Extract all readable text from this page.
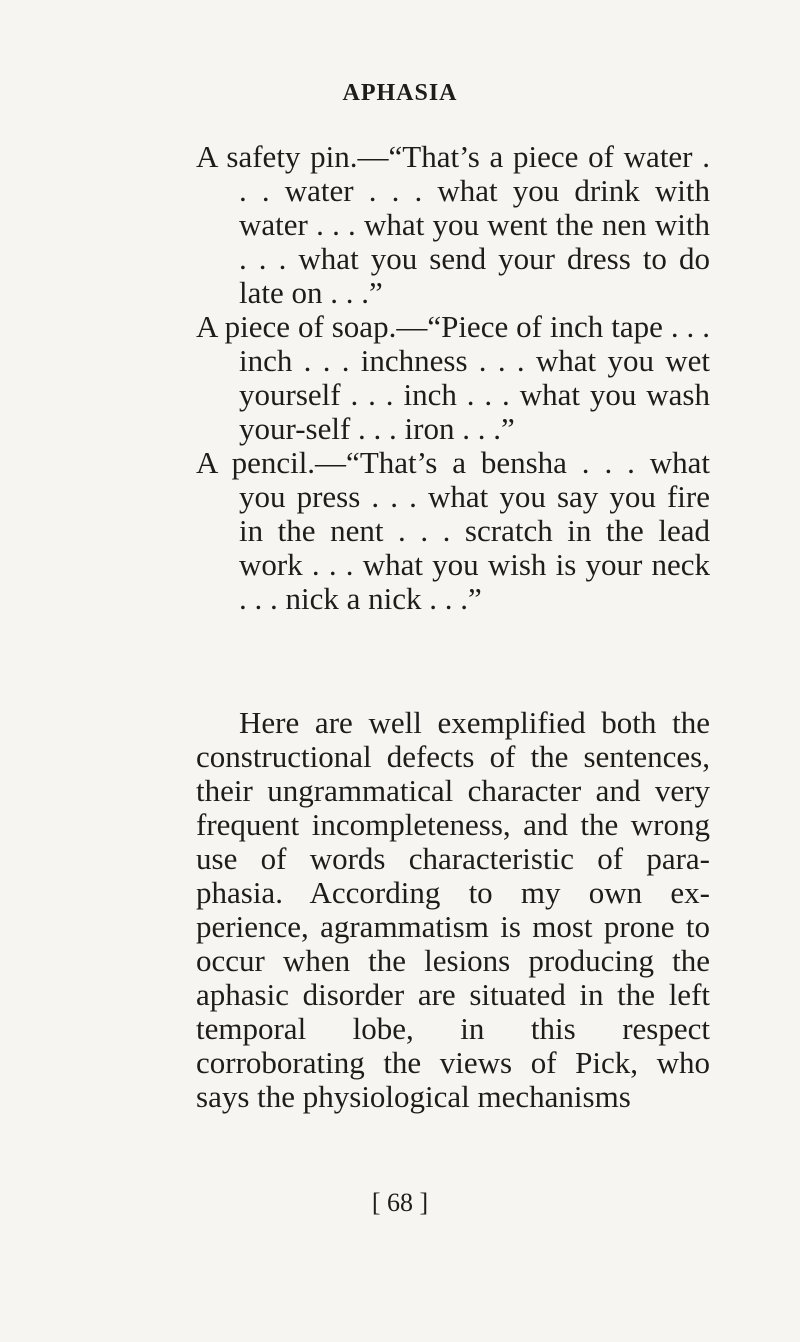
APHASIA

A safety pin.—“That’s a piece of water . . . water . . . what you drink with water . . . what you went the nen with . . . what you send your dress to do late on . . .”

A piece of soap.—“Piece of inch tape . . . inch . . . inchness . . . what you wet yourself . . . inch . . . what you wash your-self . . . iron . . .”

A pencil.—“That’s a bensha . . . what you press . . . what you say you fire in the nent . . . scratch in the lead work . . . what you wish is your neck . . . nick a nick . . .”

Here are well exemplified both the constructional defects of the sentences, their ungrammatical character and very frequent incompleteness, and the wrong use of words characteristic of para-phasia. According to my own ex-perience, agrammatism is most prone to occur when the lesions producing the aphasic disorder are situated in the left temporal lobe, in this respect corroborating the views of Pick, who says the physiological mechanisms

[ 68 ]
